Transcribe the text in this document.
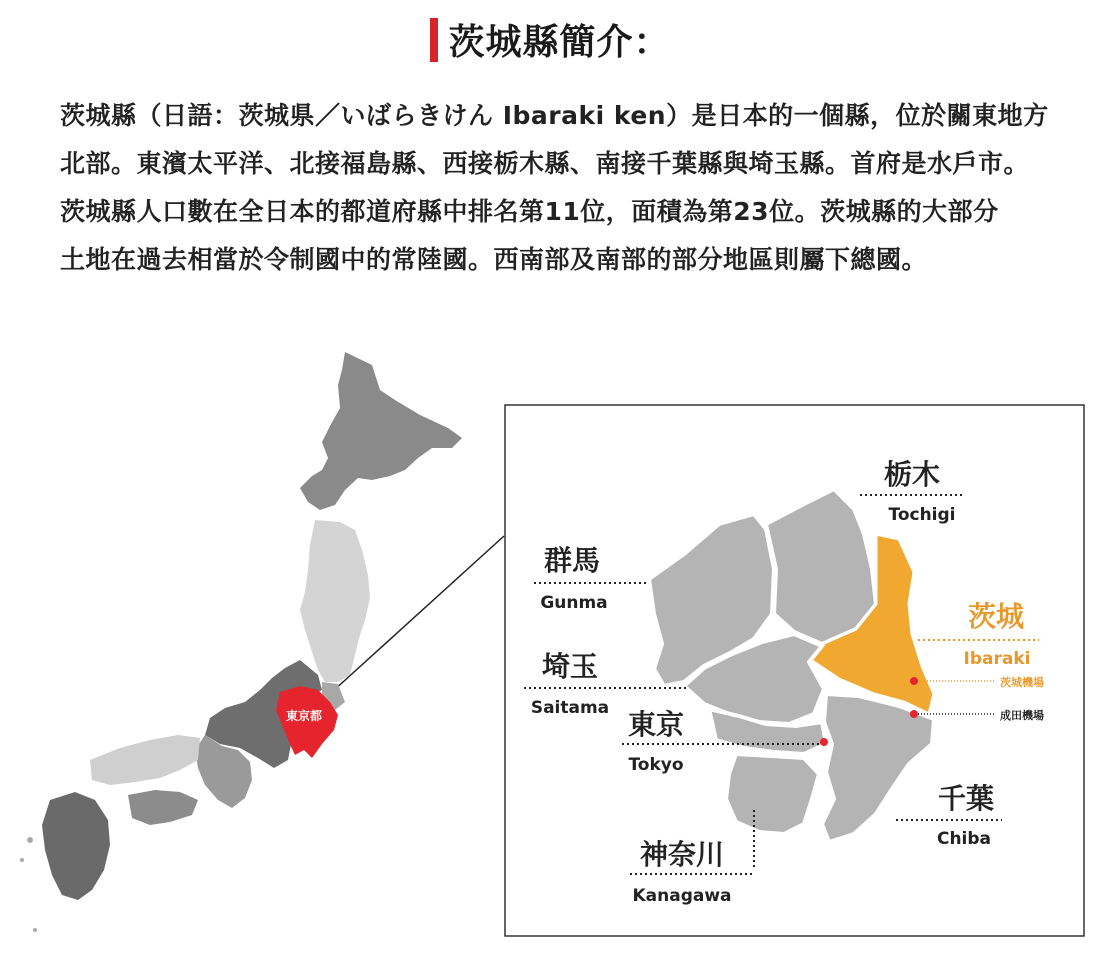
茨城縣簡介：
茨城縣（日語：茨城県／いばらきけん Ibaraki ken）是日本的一個縣，位於關東地方
北部。東濱太平洋、北接福島縣、西接栃木縣、南接千葉縣與埼玉縣。首府是水戶市。
茨城縣人口數在全日本的都道府縣中排名第11位，面積為第23位。茨城縣的大部分
土地在過去相當於令制國中的常陸國。西南部及南部的部分地區則屬下總國。
東京都
栃木
Tochigi
群馬
Gunma	茨城
Ibaraki
茨城機場
成田機場
埼玉
Saitama 東京
Tokyo
千葉
Chiba
神奈川
Kanagawa
